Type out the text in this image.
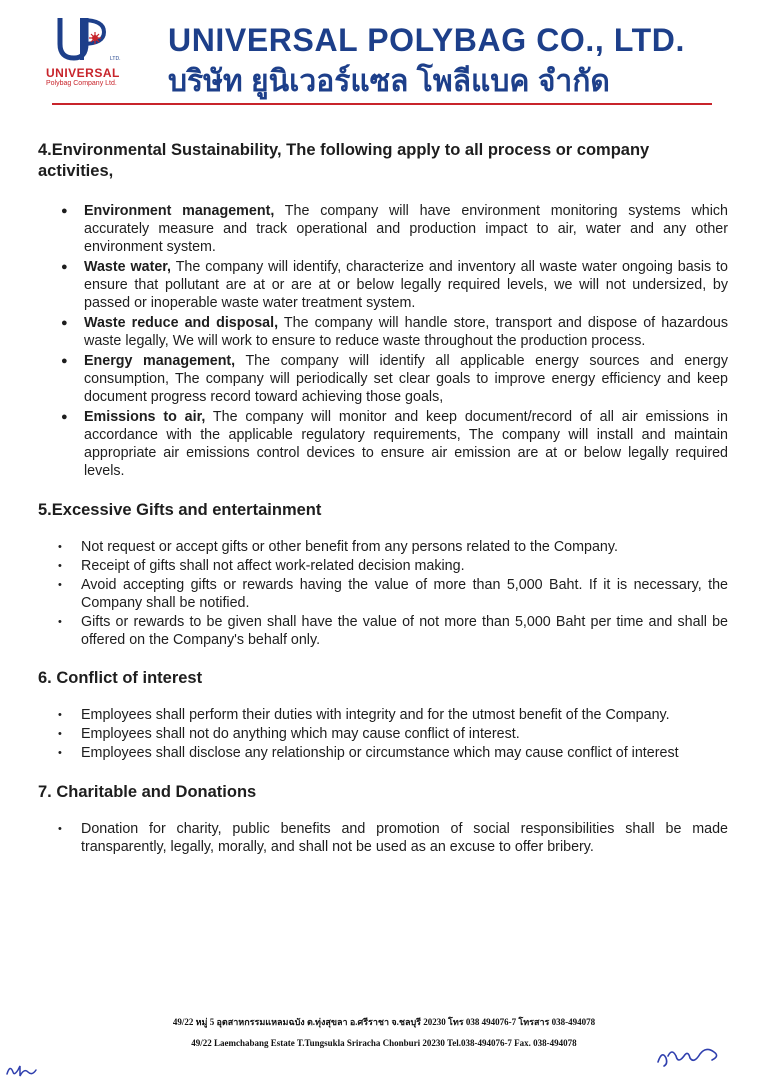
LTD.
UNIVERSAL
Polybag Company Ltd.
UNIVERSAL POLYBAG CO., LTD.
บริษัท ยูนิเวอร์แซล โพลีแบค จำกัด
4.Environmental Sustainability, The following apply to all process or company activities,
● Environment management, The company will have environment monitoring systems which accurately measure and track operational and production impact to air, water and any other environment system.
● Waste water, The company will identify, characterize and inventory all waste water ongoing basis to ensure that pollutant are at or are at or below legally required levels, we will not undersized, by passed or inoperable waste water treatment system.
● Waste reduce and disposal, The company will handle store, transport and dispose of hazardous waste legally, We will work to ensure to reduce waste throughout the production process.
● Energy management, The company will identify all applicable energy sources and energy consumption, The company will periodically set clear goals to improve energy efficiency and keep document progress record toward achieving those goals,
● Emissions to air, The company will monitor and keep document/record of all air emissions in accordance with the applicable regulatory requirements, The company will install and maintain appropriate air emissions control devices to ensure air emission are at or below legally required levels.
5.Excessive Gifts and entertainment
• Not request or accept gifts or other benefit from any persons related to the Company.
• Receipt of gifts shall not affect work-related decision making.
• Avoid accepting gifts or rewards having the value of more than 5,000 Baht. If it is necessary, the Company shall be notified.
• Gifts or rewards to be given shall have the value of not more than 5,000 Baht per time and shall be offered on the Company's behalf only.
6. Conflict of interest
• Employees shall perform their duties with integrity and for the utmost benefit of the Company.
• Employees shall not do anything which may cause conflict of interest.
• Employees shall disclose any relationship or circumstance which may cause conflict of interest
7. Charitable and Donations
• Donation for charity, public benefits and promotion of social responsibilities shall be made transparently, legally, morally, and shall not be used as an excuse to offer bribery.
49/22 หมู่ 5 อุตสาหกรรมแหลมฉบัง ต.ทุ่งสุขลา อ.ศรีราชา จ.ชลบุรี 20230 โทร 038 494076-7 โทรสาร 038-494078
49/22 Laemchabang Estate T.Tungsukla Sriracha Chonburi 20230 Tel.038-494076-7 Fax. 038-494078
